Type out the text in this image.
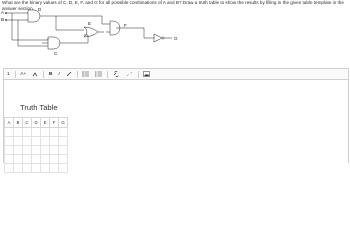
What are the binary values of C, D, E, F, and G for all possible combinations of A and B? Draw a truth table to show the results by filling in the given table template in the answer section.
A
B
D
C
E	F
G
1 A +	B	I
Truth Table
A	B	C	D	E	F	G
